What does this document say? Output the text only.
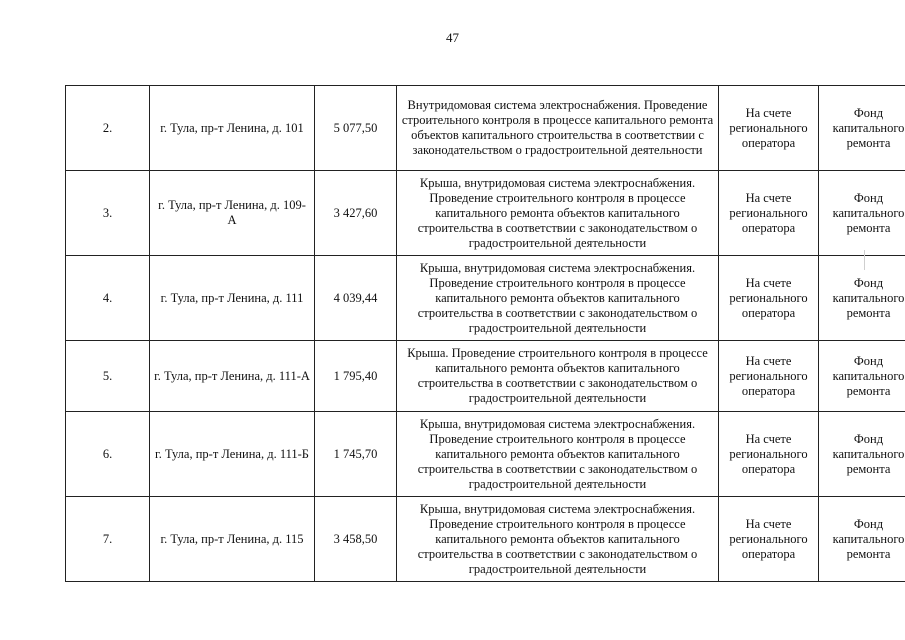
47
2.	г. Тула, пр-т Ленина, д. 101	5 077,50	Внутридомовая система электроснабжения. Проведение строительного контроля в процессе капитального ремонта объектов капитального строительства в соответствии с законодательством о градостроительной деятельности	На счете регионального оператора	Фонд капитального ремонта
3.	г. Тула, пр-т Ленина, д. 109-А	3 427,60	Крыша, внутридомовая система электроснабжения. Проведение строительного контроля в процессе капитального ремонта объектов капитального строительства в соответствии с законодательством о градостроительной деятельности	На счете регионального оператора	Фонд капитального ремонта
4.	г. Тула, пр-т Ленина, д. 111	4 039,44	Крыша, внутридомовая система электроснабжения. Проведение строительного контроля в процессе капитального ремонта объектов капитального строительства в соответствии с законодательством о градостроительной деятельности	На счете регионального оператора	Фонд капитального ремонта
5.	г. Тула, пр-т Ленина, д. 111-А	1 795,40	Крыша. Проведение строительного контроля в процессе капитального ремонта объектов капитального строительства в соответствии с законодательством о градостроительной деятельности	На счете регионального оператора	Фонд капитального ремонта
6.	г. Тула, пр-т Ленина, д. 111-Б	1 745,70	Крыша, внутридомовая система электроснабжения. Проведение строительного контроля в процессе капитального ремонта объектов капитального строительства в соответствии с законодательством о градостроительной деятельности	На счете регионального оператора	Фонд капитального ремонта
7.	г. Тула, пр-т Ленина, д. 115	3 458,50	Крыша, внутридомовая система электроснабжения. Проведение строительного контроля в процессе капитального ремонта объектов капитального строительства в соответствии с законодательством о градостроительной деятельности	На счете регионального оператора	Фонд капитального ремонта
